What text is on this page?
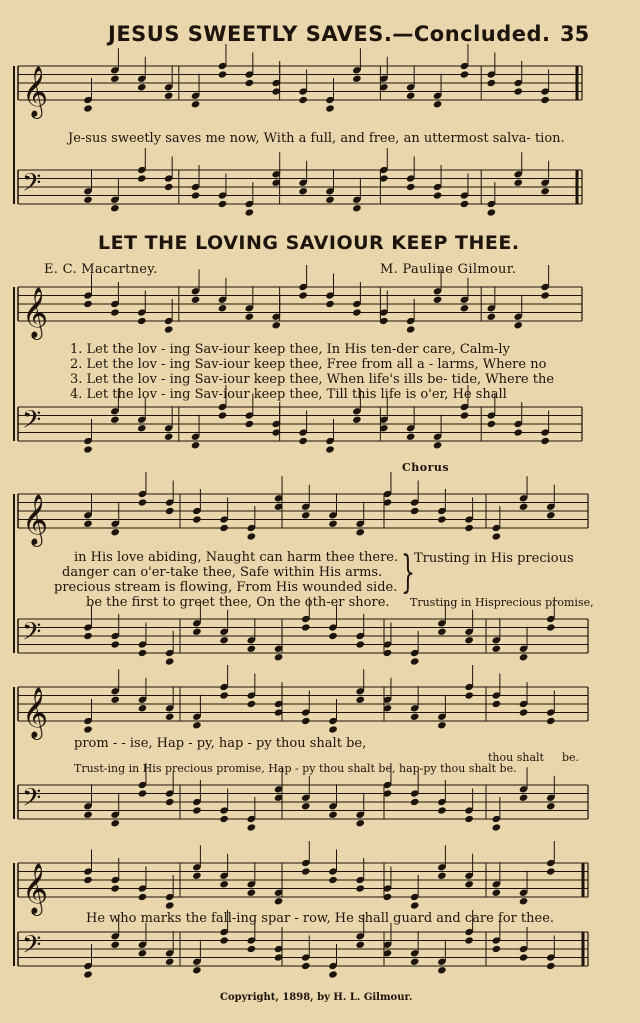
𝄞
𝄢
𝄞
𝄢
𝄞
𝄢
𝄞
𝄢
𝄞
𝄢
JESUS SWEETLY SAVES.—Concluded. 35
Je-sus sweetly saves me now, With a full, and free, an uttermost salva- tion.
LET THE LOVING SAVIOUR KEEP THEE.
E. C. Macartney.	M. Pauline Gilmour.
1. Let the lov - ing Sav-iour keep thee, In His ten-der care, Calm-ly
2. Let the lov - ing Sav-iour keep thee, Free from all a - larms, Where no
3. Let the lov - ing Sav-iour keep thee, When life's ills be- tide, Where the
4. Let the lov - ing Sav-iour keep thee, Till this life is o'er, He shall
Chorus
in His love abiding, Naught can harm thee there.
danger can o'er-take thee, Safe within His arms.
precious stream is flowing, From His wounded side.
be the first to greet thee, On the oth-er shore.
} Trusting in His precious
Trusting in Hisprecious promise,
prom - - ise, Hap - py, hap - py thou shalt be,
thou shalt be.
Trust-ing in His precious promise, Hap - py thou shalt be, hap-py thou shalt be.
He who marks the fall-ing spar - row, He shall guard and care for thee.
Copyright, 1898, by H. L. Gilmour.
